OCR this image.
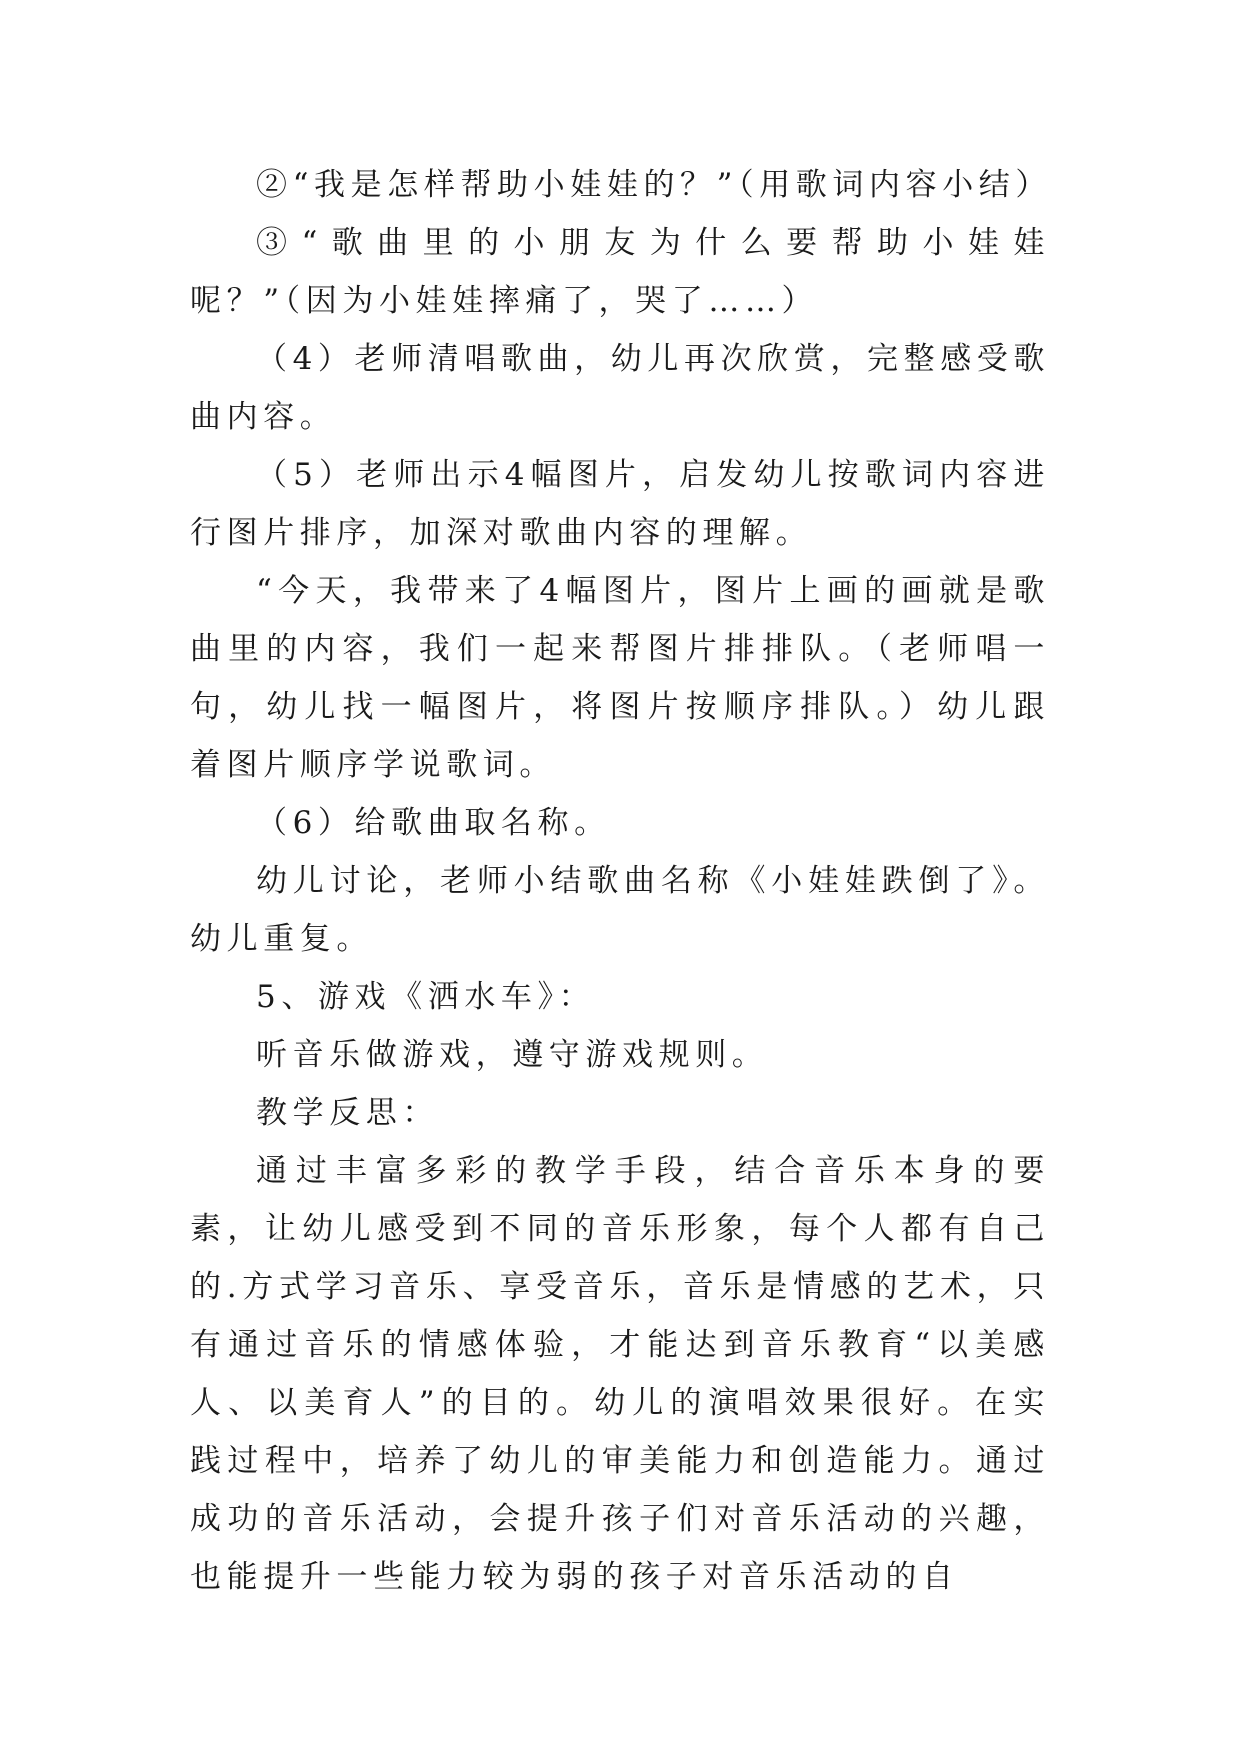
②“我是怎样帮助小娃娃的？”（用歌词内容小结）

③“歌曲里的小朋友为什么要帮助小娃娃呢？”（因为小娃娃摔痛了，哭了……）

（4）老师清唱歌曲，幼儿再次欣赏，完整感受歌曲内容。

（5）老师出示4幅图片，启发幼儿按歌词内容进行图片排序，加深对歌曲内容的理解。

“今天，我带来了4幅图片，图片上画的画就是歌曲里的内容，我们一起来帮图片排排队。（老师唱一句，幼儿找一幅图片，将图片按顺序排队。）幼儿跟着图片顺序学说歌词。

（6）给歌曲取名称。

幼儿讨论，老师小结歌曲名称《小娃娃跌倒了》。幼儿重复。

5、游戏《洒水车》：

听音乐做游戏，遵守游戏规则。

教学反思：

通过丰富多彩的教学手段，结合音乐本身的要素，让幼儿感受到不同的音乐形象，每个人都有自己的.方式学习音乐、享受音乐，音乐是情感的艺术，只有通过音乐的情感体验，才能达到音乐教育“以美感人、以美育人”的目的。幼儿的演唱效果很好。在实践过程中，培养了幼儿的审美能力和创造能力。通过成功的音乐活动，会提升孩子们对音乐活动的兴趣，也能提升一些能力较为弱的孩子对音乐活动的自
